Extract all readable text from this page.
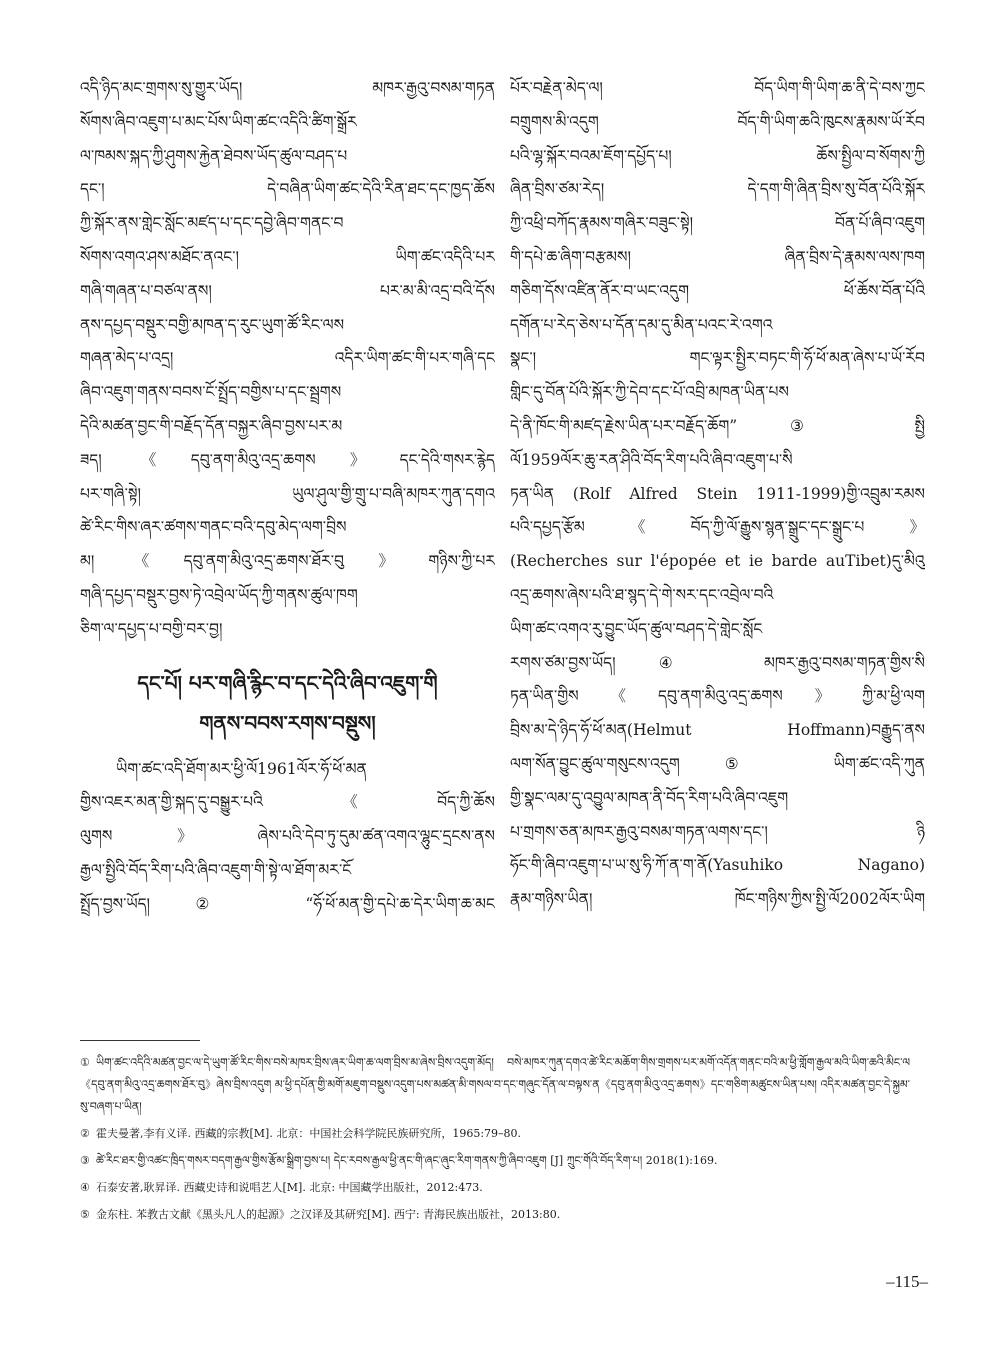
འདི་ཉིད་མང་གྲགས་སུ་གྱུར་ཡོད། མཁར་རྒྱའུ་བསམ་གཏན
སོགས་ཞིབ་འཇུག་པ་མང་པོས་ཡིག་ཚང་འདིའི་ཚིག་སྒྲོར
ལ་ཁམས་སྐད་ཀྱི་ཤུགས་རྐྱེན་ཐེབས་ཡོད་ཚུལ་བཤད་པ
དང་། དེ་བཞིན་ཡིག་ཚང་དེའི་རིན་ཐང་དང་ཁྱད་ཆོས
ཀྱི་སྐོར་ནས་གླེང་སློང་མཛད་པ་དང་དབྱེ་ཞིབ་གནང་བ
སོགས་འགའ་ཤས་མཐོང་ནའང་། ཡིག་ཚང་འདིའི་པར
གཞི་གཞན་པ་བཙལ་ནས། པར་མ་མི་འདྲ་བའི་དོས
ནས་དཔྱད་བསྡུར་བགྱི་མཁན་ད་རུང་ཡུག་ཚོ་རིང་ལས
གཞན་མེད་པ་འདྲ། འདིར་ཡིག་ཚང་གི་པར་གཞི་དང
ཞིབ་འཇུག་གནས་བབས་ངོ་སྤྲོད་བགྱིས་པ་དང་སྦྲགས
དེའི་མཚན་བྱང་གི་བརྗོད་དོན་བསྐྱར་ཞིབ་བྱས་པར་མ
ཟད། 《དབུ་ནག་མིའུ་འདྲ་ཆགས》དང་དེའི་གསར་རྙེད
པར་གཞི་སྟེ། ཡུལ་ཤུལ་གྱི་གྲུ་པ་བཞི་མཁར་ཀུན་དགའ
ཚེ་རིང་གིས་ཞར་ཚགས་གནང་བའི་དབུ་མེད་ལག་བྲིས
མ། 《དབུ་ནག་མིའུ་འདྲ་ཆགས་ཐོར་བུ》གཉིས་ཀྱི་པར
གཞི་དཔྱད་བསྡུར་བྱས་ཏེ་འབྲེལ་ཡོད་ཀྱི་གནས་ཚུལ་ཁག
ཅིག་ལ་དཔྱད་པ་བགྱི་བར་བྱ།
དང་པོ། པར་གཞི་རྙིང་བ་དང་དེའི་ཞིབ་འཇུག་གི
གནས་བབས་རགས་བསྡུས།
ཡིག་ཚང་འདི་ཐོག་མར་ཕྱི་ལོ1961ལོར་ཧོ་ཕོ་མན
གྱིས་འཇར་མན་གྱི་སྐད་དུ་བསྒྱུར་པའི《བོད་ཀྱི་ཆོས
ལུགས》ཞེས་པའི་དེབ་ཏུ་དུམ་ཚན་འགའ་ལྷུང་དྲངས་ནས
རྒྱལ་སྤྱིའི་བོད་རིག་པའི་ཞིབ་འཇུག་གི་སྟེ་ལ་ཐོག་མར་ངོ
སྤྲོད་བྱས་ཡོད།② “ཧོ་ཕོ་མན་གྱི་དཔེ་ཆ་དེར་ཡིག་ཆ་མང
པོར་བརྗེན་མེད་ལ། བོད་ཡིག་གི་ཡིག་ཆ་ནི་དེ་བས་ཀྱང
བགྲུགས་མི་འདུག བོད་གི་ཡིག་ཆའི་ཁུངས་རྣམས་ཡོ་རོབ
པའི་ལྷ་སྐོར་བའམ་ཇོག་དཔྱོད་པ། ཆོས་སྤྱིལ་བ་སོགས་ཀྱི
ཞིན་བྲིས་ཙམ་རེད། དེ་དག་གི་ཞིན་བྲིས་སུ་བོན་པོའི་སྐོར
ཀྱི་འཕྲི་བཀོད་རྣམས་གཞིར་བཟུང་སྟེ། བོན་པོ་ཞིབ་འཇུག
གི་དཔེ་ཆ་ཞིག་བརྩམས། ཞིན་བྲིས་དེ་རྣམས་ལས་ཁག
གཅིག་དོས་འཛིན་ནོར་བ་ཡང་འདུག ཕོ་ཆོས་བོན་པོའི
དགོན་པ་རེད་ཅེས་པ་དོན་དམ་དུ་མིན་པའང་རེ་འགའ
སྣང་། གང་ལྟར་སྤྱིར་བཏང་གི་ཧོ་ཕོ་མན་ཞེས་པ་ཡོ་རོབ
གླིང་དུ་བོན་པོའི་སྐོར་ཀྱི་དེབ་དང་པོ་འབྲི་མཁན་ཡིན་པས
དེ་ནི་ཁོང་གི་མཛད་རྗེས་ཡིན་པར་བརྗོད་ཆོག”③ སྤྱི
ལོ1959ལོར་ཆུ་རན་ཤིའི་བོད་རིག་པའི་ཞིབ་འཇུག་པ་སི
ཏན་ཡིན (Rolf Alfred Stein 1911-1999)གྱི་འབྲུམ་རམས
པའི་དཔྱད་རྩོམ《བོད་ཀྱི་ལོ་རྒྱུས་སྙན་སྒྲུང་དང་སྒྲུང་པ》
(Recherches sur l'épopée et ie barde auTibet)དུ་མིའུ
འདྲ་ཆགས་ཞེས་པའི་ཐ་སྙད་དེ་གེ་སར་དང་འབྲེལ་བའི
ཡིག་ཚང་འགའ་རུ་བྱུང་ཡོད་ཚུལ་བཤད་དེ་གླེང་སློང
རགས་ཙམ་བྱས་ཡོད།④ མཁར་རྒྱའུ་བསམ་གཏན་གྱིས་སི
ཏན་ཡིན་གྱིས《དབུ་ནག་མིའུ་འདྲ་ཆགས》ཀྱི་མ་ཕྱི་ལག
བྲིས་མ་དེ་ཉིད་ཧོ་ཕོ་མན(Helmut Hoffmann)བརྒྱུད་ནས
ལག་སོན་བྱུང་ཚུལ་གསུངས་འདུག⑤ ཡིག་ཚང་འདི་ཀུན
གྱི་སྣང་ལམ་དུ་འབྱུལ་མཁན་ནི་བོད་རིག་པའི་ཞིབ་འཇུག
པ་གྲགས་ཅན་མཁར་རྒྱའུ་བསམ་གཏན་ལགས་དང་། ཉི
ཧོང་གི་ཞིབ་འཇུག་པ་ཡ་སུ་ཧི་ཀོ་ན་ག་ནོ(Yasuhiko Nagano)
རྣམ་གཉིས་ཡིན། ཁོང་གཉིས་ཀྱིས་སྤྱི་ལོ2002ལོར་ཡིག
① ཡིག་ཚང་འདིའི་མཚན་བྱང་ལ་དེ་ཡུག་ཚོ་རིང་གིས་བསེ་མཁར་བྲིས་ཞར་ཡིག་ཆ་ལག་བྲིས་མ་ཞེས་བྲིས་འདུག་མོད། བསེ་མཁར་ཀུན་དགའ་ཚེ་རིང་མཆོག་གིས་གྲགས་པར་མགོ་འདོན་གནང་བའི་མ་ཕྱི་གློག་རྒྱལ་མའི་ཡིག་ཆའི་མིང་ལ《དབུ་ནག་མིའུ་འདྲ་ཆགས་ཐོར་བུ》ཞེས་བྲིས་འདུག མ་ཕྱི་དཔོན་གྱི་མགོ་མཇུག་བསྡུས་འདུག་པས་མཚན་མི་གསལ་བ་དང་གཞུང་དོན་ལ་བལྟས་ན《དབུ་ནག་མིའུ་འདྲ་ཆགས》དང་གཅིག་མཚུངས་ཡིན་པས། འདིར་མཚན་བྱང་དེ་སྐྱམ་སུ་བཞག་པ་ཡིན།
② 霍夫曼著,李有义译. 西藏的宗教[M]. 北京：中国社会科学院民族研究所，1965:79–80.
③ ཚེ་རིང་ཐར་གྱི་འཚང་ཁྲིད་གསར་བདག་རྒྱལ་གྱིས་རྩོམ་སྒྲིག་བྱས་པ། དེང་རབས་རྒྱལ་ཕྱི་ནང་གི་ཞང་ཞུང་རིག་གནས་ཀྱི་ཞིབ་འཇུག [J] ཀྲུང་གོའི་བོད་རིག་པ། 2018(1):169.
④ 石泰安著,耿昇译. 西藏史诗和说唱艺人[M]. 北京: 中国藏学出版社，2012:473.
⑤ 金东柱. 苯教古文献《黑头凡人的起源》之汉译及其研究[M]. 西宁: 青海民族出版社，2013:80.
–115–
